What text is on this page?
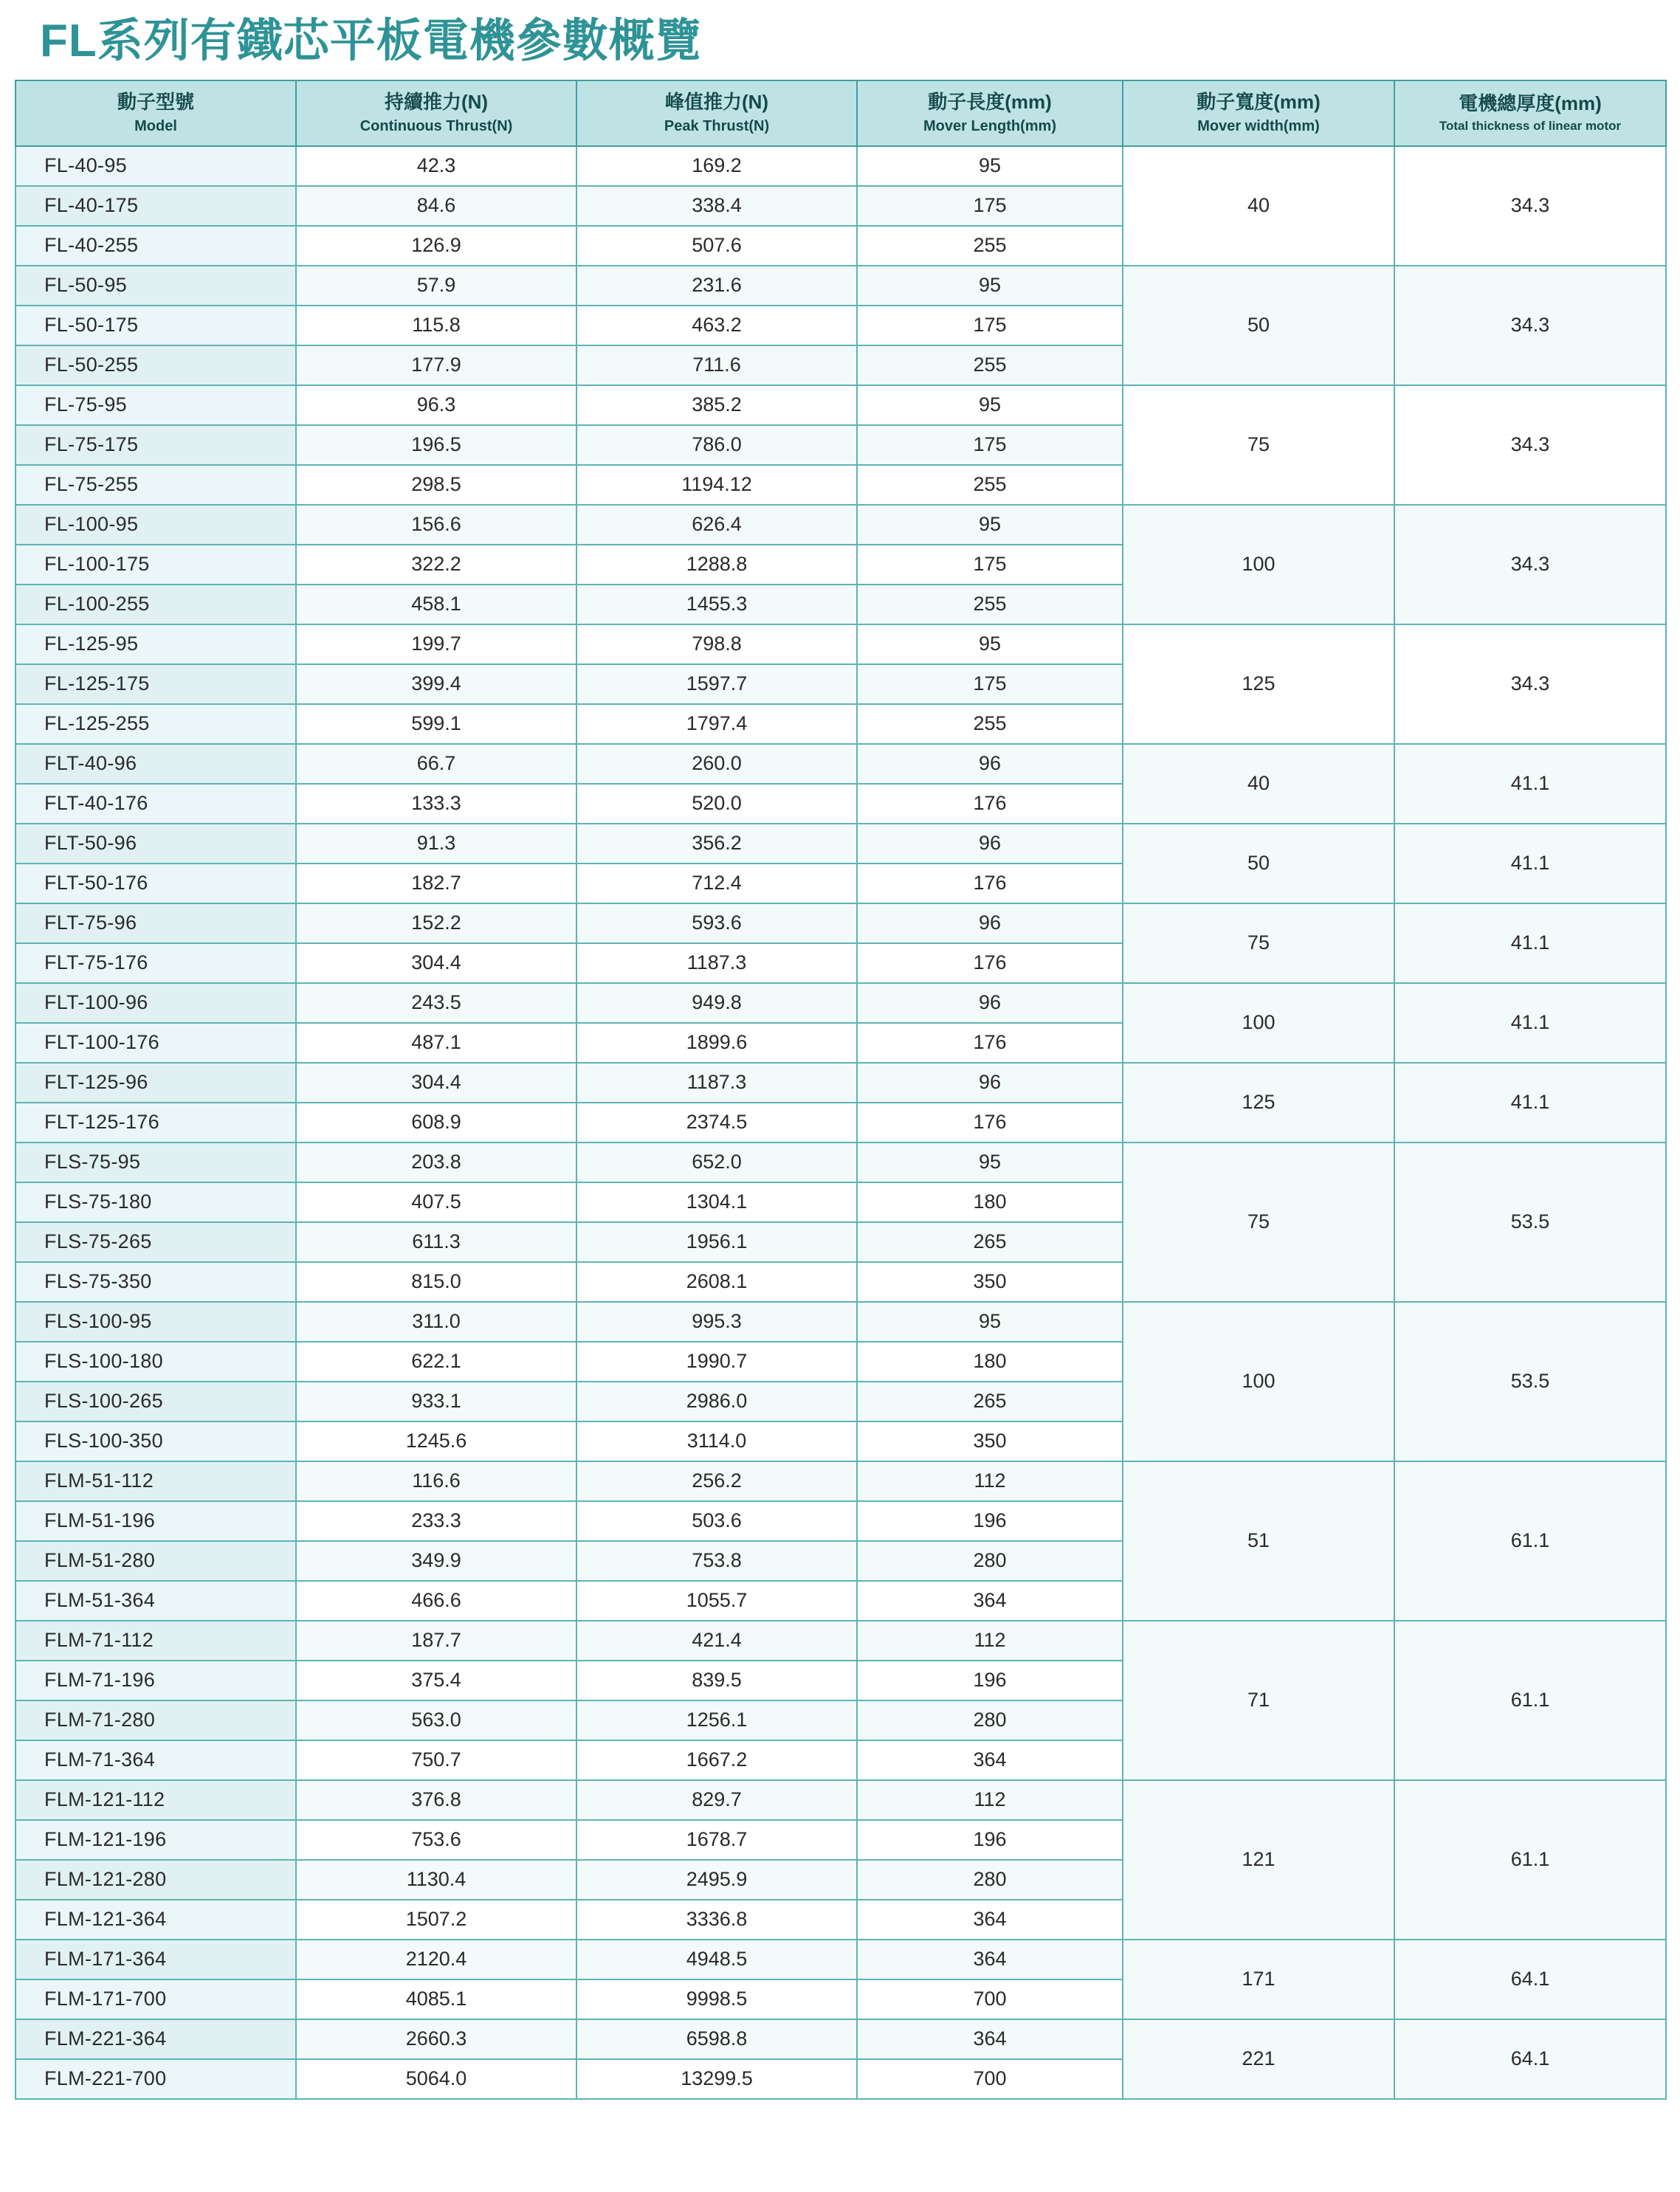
FL系列有鐵芯平板電機參數概覽
動子型號
Model	持續推力(N)
Continuous Thrust(N)	峰值推力(N)
Peak Thrust(N)	動子長度(mm)
Mover Length(mm)	動子寬度(mm)
Mover width(mm)	電機總厚度(mm)
Total thickness of linear motor

FL-40-95	42.3	169.2	95	40	34.3
FL-40-175	84.6	338.4	175		
FL-40-255	126.9	507.6	255		
FL-50-95	57.9	231.6	95	50	34.3
FL-50-175	115.8	463.2	175		
FL-50-255	177.9	711.6	255		
FL-75-95	96.3	385.2	95	75	34.3
FL-75-175	196.5	786.0	175		
FL-75-255	298.5	1194.12	255		
FL-100-95	156.6	626.4	95	100	34.3
FL-100-175	322.2	1288.8	175		
FL-100-255	458.1	1455.3	255		
FL-125-95	199.7	798.8	95	125	34.3
FL-125-175	399.4	1597.7	175		
FL-125-255	599.1	1797.4	255		
FLT-40-96	66.7	260.0	96	40	41.1
FLT-40-176	133.3	520.0	176		
FLT-50-96	91.3	356.2	96	50	41.1
FLT-50-176	182.7	712.4	176		
FLT-75-96	152.2	593.6	96	75	41.1
FLT-75-176	304.4	1187.3	176		
FLT-100-96	243.5	949.8	96	100	41.1
FLT-100-176	487.1	1899.6	176		
FLT-125-96	304.4	1187.3	96	125	41.1
FLT-125-176	608.9	2374.5	176		
FLS-75-95	203.8	652.0	95	75	53.5
FLS-75-180	407.5	1304.1	180		
FLS-75-265	611.3	1956.1	265		
FLS-75-350	815.0	2608.1	350		
FLS-100-95	311.0	995.3	95	100	53.5
FLS-100-180	622.1	1990.7	180		
FLS-100-265	933.1	2986.0	265		
FLS-100-350	1245.6	3114.0	350		
FLM-51-112	116.6	256.2	112	51	61.1
FLM-51-196	233.3	503.6	196		
FLM-51-280	349.9	753.8	280		
FLM-51-364	466.6	1055.7	364		
FLM-71-112	187.7	421.4	112	71	61.1
FLM-71-196	375.4	839.5	196		
FLM-71-280	563.0	1256.1	280		
FLM-71-364	750.7	1667.2	364		
FLM-121-112	376.8	829.7	112	121	61.1
FLM-121-196	753.6	1678.7	196		
FLM-121-280	1130.4	2495.9	280		
FLM-121-364	1507.2	3336.8	364		
FLM-171-364	2120.4	4948.5	364	171	64.1
FLM-171-700	4085.1	9998.5	700		
FLM-221-364	2660.3	6598.8	364	221	64.1
FLM-221-700	5064.0	13299.5	700		
